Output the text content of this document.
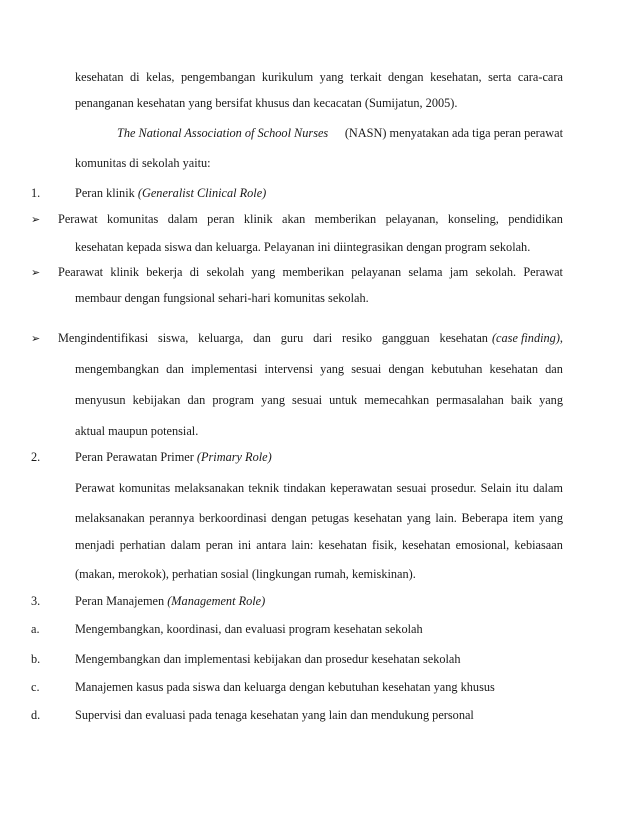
kesehatan di kelas, pengembangan kurikulum yang terkait dengan kesehatan, serta cara-cara
penanganan kesehatan yang bersifat khusus dan kecacatan (Sumijatun, 2005).
The National Association of School Nurses (NASN) menyatakan ada tiga peran perawat
komunitas di sekolah yaitu:
1.	Peran klinik (Generalist Clinical Role)
➢ Perawat komunitas dalam peran klinik akan memberikan pelayanan, konseling, pendidikan
kesehatan kepada siswa dan keluarga. Pelayanan ini diintegrasikan dengan program sekolah.
➢ Pearawat klinik bekerja di sekolah yang memberikan pelayanan selama jam sekolah. Perawat
membaur dengan fungsional sehari-hari komunitas sekolah.
➢ Mengindentifikasi siswa, keluarga, dan guru dari resiko gangguan kesehatan (case finding),
mengembangkan dan implementasi intervensi yang sesuai dengan kebutuhan kesehatan dan
menyusun kebijakan dan program yang sesuai untuk memecahkan permasalahan baik yang
aktual maupun potensial.
2.	Peran Perawatan Primer (Primary Role)
Perawat komunitas melaksanakan teknik tindakan keperawatan sesuai prosedur. Selain itu dalam
melaksanakan perannya berkoordinasi dengan petugas kesehatan yang lain. Beberapa item yang
menjadi perhatian dalam peran ini antara lain: kesehatan fisik, kesehatan emosional, kebiasaan
(makan, merokok), perhatian sosial (lingkungan rumah, kemiskinan).
3.	Peran Manajemen (Management Role)
a.	Mengembangkan, koordinasi, dan evaluasi program kesehatan sekolah
b.	Mengembangkan dan implementasi kebijakan dan prosedur kesehatan sekolah
c.	Manajemen kasus pada siswa dan keluarga dengan kebutuhan kesehatan yang khusus
d.	Supervisi dan evaluasi pada tenaga kesehatan yang lain dan mendukung personal
